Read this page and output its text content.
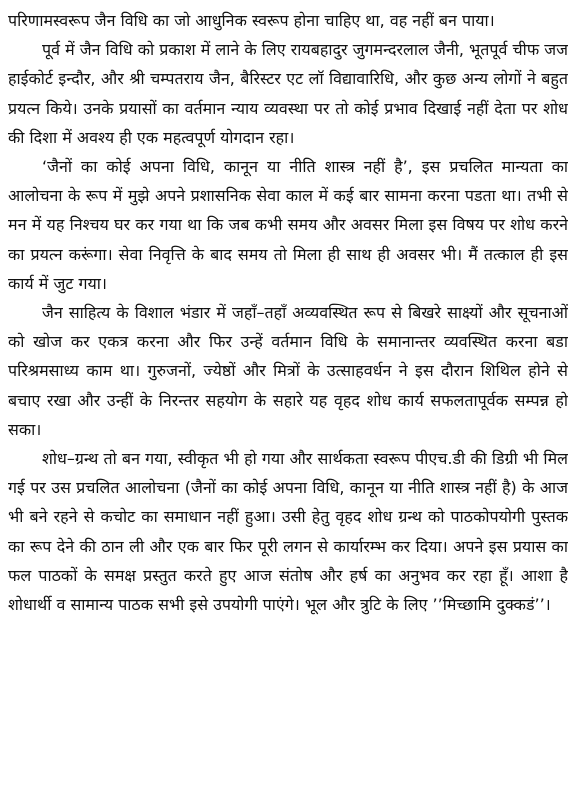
परिणामस्वरूप जैन विधि का जो आधुनिक स्वरूप होना चाहिए था, वह नहीं बन पाया।

पूर्व में जैन विधि को प्रकाश में लाने के लिए रायबहादुर जुगमन्दरलाल जैनी, भूतपूर्व चीफ जज हाईकोर्ट इन्दौर, और श्री चम्पतराय जैन, बैरिस्टर एट लॉ विद्यावारिधि, और कुछ अन्य लोगों ने बहुत प्रयत्न किये। उनके प्रयासों का वर्तमान न्याय व्यवस्था पर तो कोई प्रभाव दिखाई नहीं देता पर शोध की दिशा में अवश्य ही एक महत्वपूर्ण योगदान रहा।

‘जैनों का कोई अपना विधि, कानून या नीति शास्त्र नहीं है’, इस प्रचलित मान्यता का आलोचना के रूप में मुझे अपने प्रशासनिक सेवा काल में कई बार सामना करना पडता था। तभी से मन में यह निश्चय घर कर गया था कि जब कभी समय और अवसर मिला इस विषय पर शोध करने का प्रयत्न करूंगा। सेवा निवृत्ति के बाद समय तो मिला ही साथ ही अवसर भी। मैं तत्काल ही इस कार्य में जुट गया।

जैन साहित्य के विशाल भंडार में जहाँ–तहाँ अव्यवस्थित रूप से बिखरे साक्ष्यों और सूचनाओं को खोज कर एकत्र करना और फिर उन्हें वर्तमान विधि के समानान्तर व्यवस्थित करना बडा परिश्रमसाध्य काम था। गुरुजनों, ज्येष्ठों और मित्रों के उत्साहवर्धन ने इस दौरान शिथिल होने से बचाए रखा और उन्हीं के निरन्तर सहयोग के सहारे यह वृहद शोध कार्य सफलतापूर्वक सम्पन्न हो सका।

शोध–ग्रन्थ तो बन गया, स्वीकृत भी हो गया और सार्थकता स्वरूप पीएच.डी की डिग्री भी मिल गई पर उस प्रचलित आलोचना (जैनों का कोई अपना विधि, कानून या नीति शास्त्र नहीं है) के आज भी बने रहने से कचोट का समाधान नहीं हुआ। उसी हेतु वृहद शोध ग्रन्थ को पाठकोपयोगी पुस्तक का रूप देने की ठान ली और एक बार फिर पूरी लगन से कार्यारम्भ कर दिया। अपने इस प्रयास का फल पाठकों के समक्ष प्रस्तुत करते हुए आज संतोष और हर्ष का अनुभव कर रहा हूँ। आशा है शोधार्थी व सामान्य पाठक सभी इसे उपयोगी पाएंगे। भूल और त्रुटि के लिए ’’मिच्छामि दुक्कडं’’।
